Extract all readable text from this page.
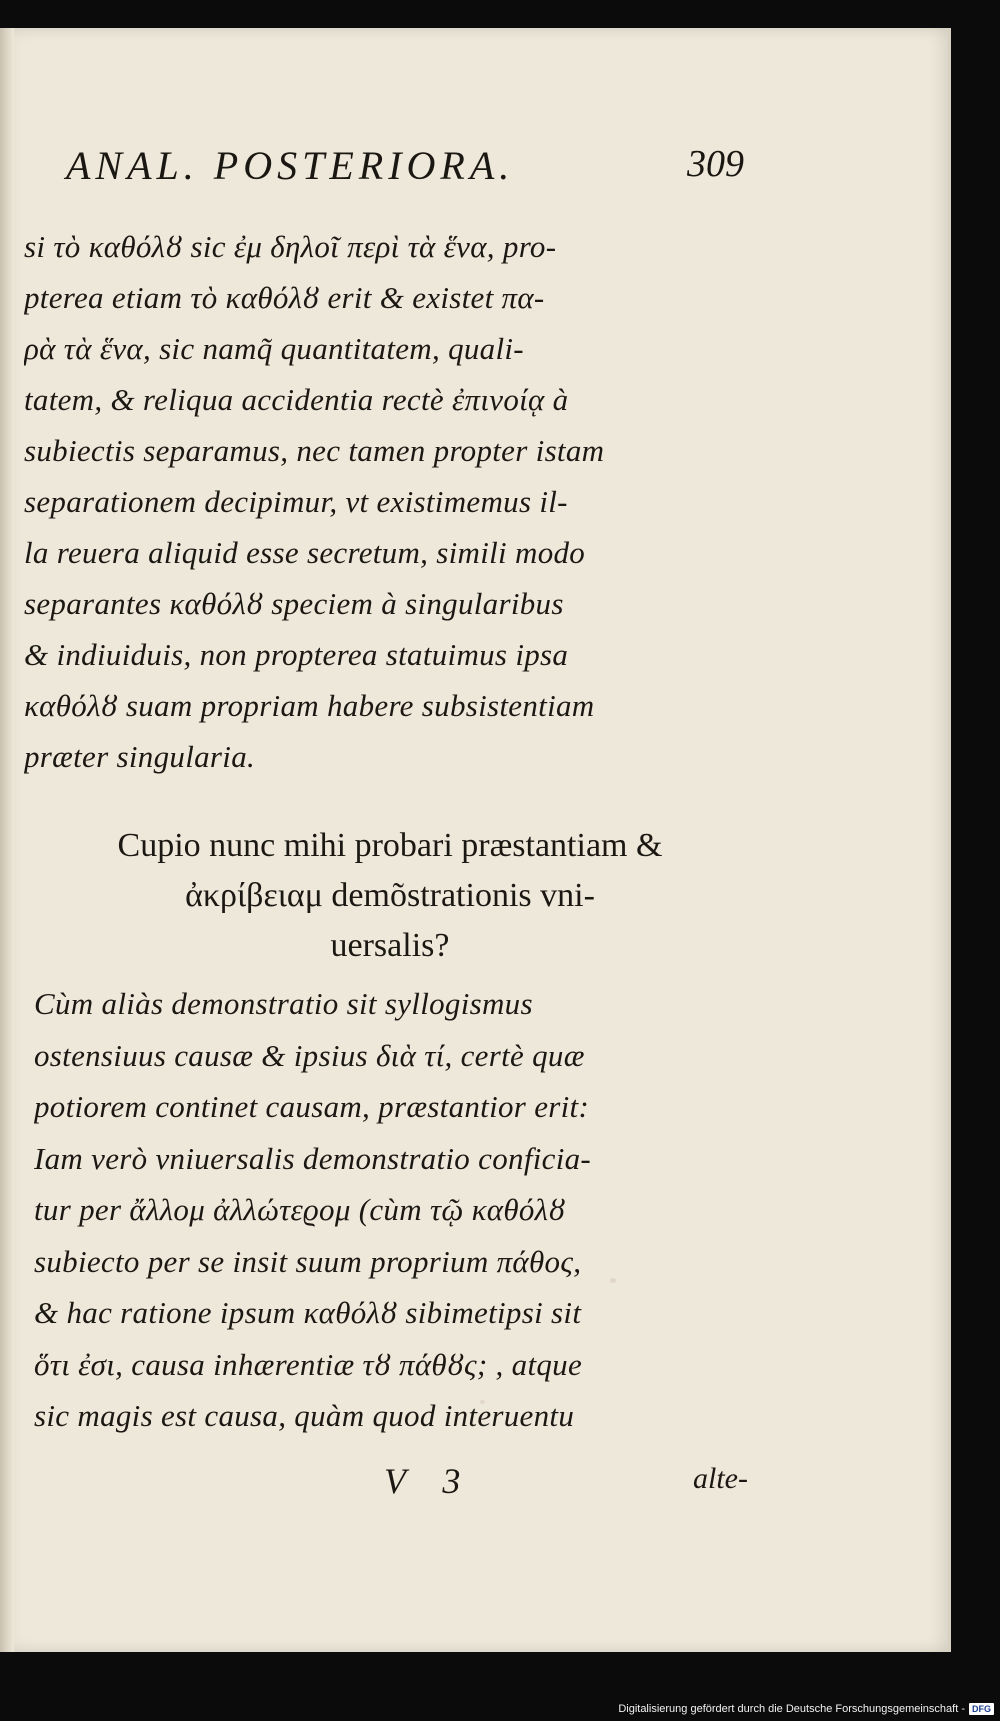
ANAL. POSTERIORA.	309
si τὸ καθόλȣ sic ἐμ δηλοῖ περὶ τὰ ἕνα, pro-
pterea etiam τὸ καθόλȣ erit & existet πα-
ρὰ τὰ ἕνα, sic namq̃ quantitatem, quali-
tatem, & reliqua accidentia rectè ἐπινοίᾳ à
subiectis separamus, nec tamen propter istam
separationem decipimur, vt existimemus il-
la reuera aliquid esse secretum, simili modo
separantes καθόλȣ speciem à singularibus
& indiuiduis, non propterea statuimus ipsa
καθόλȣ suam propriam habere subsistentiam
præter singularia.
Cupio nunc mihi probari præstantiam &
ἀκρίβειαμ demõstrationis vni-
uersalis?
Cùm aliàs demonstratio sit syllogismus
ostensiuus causæ & ipsius διὰ τί, certè quæ
potiorem continet causam, præstantior erit:
Iam verò vniuersalis demonstratio conficia-
tur per ἄλλομ ἀλλώτεϱομ (cùm τῷ καθόλȣ
subiecto per se insit suum proprium πάθος,
& hac ratione ipsum καθόλȣ sibimetipsi sit
ὅτι ἐσι, causa inhærentiæ τȣ πάθȣς; , atque
sic magis est causa, quàm quod interuentu
V 3	alte-
Digitalisierung gefördert durch die Deutsche Forschungsgemeinschaft - DFG
